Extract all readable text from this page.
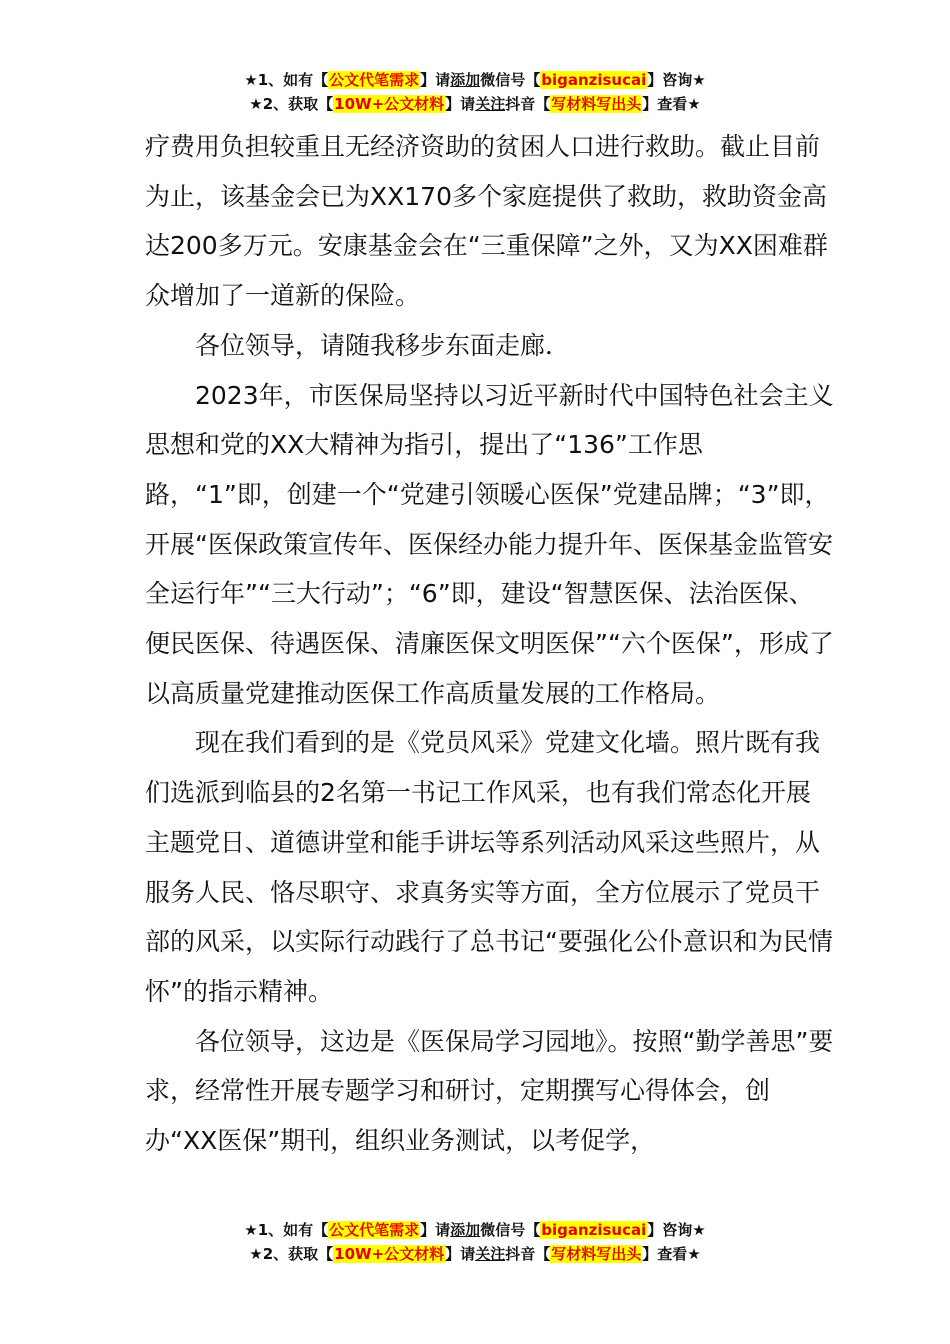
★1、如有【公文代笔需求】请添加微信号【biganzisucai】咨询★
★2、获取【10W+公文材料】请关注抖音【写材料写出头】查看★

疗费用负担较重且无经济资助的贫困人口进行救助。截止目前为止，该基金会已为XX170多个家庭提供了救助，救助资金高达200多万元。安康基金会在“三重保障”之外，又为XX困难群众增加了一道新的保险。

各位领导，请随我移步东面走廊．

2023年，市医保局坚持以习近平新时代中国特色社会主义思想和党的XX大精神为指引，提出了“136”工作思路，“1”即，创建一个“党建引领暖心医保”党建品牌；“3”即，开展“医保政策宣传年、医保经办能力提升年、医保基金监管安全运行年”“三大行动”；“6”即，建设“智慧医保、法治医保、便民医保、待遇医保、清廉医保文明医保”“六个医保”，形成了以高质量党建推动医保工作高质量发展的工作格局。

现在我们看到的是《党员风采》党建文化墙。照片既有我们选派到临县的2名第一书记工作风采，也有我们常态化开展主题党日、道德讲堂和能手讲坛等系列活动风采这些照片，从服务人民、恪尽职守、求真务实等方面，全方位展示了党员干部的风采，以实际行动践行了总书记“要强化公仆意识和为民情怀”的指示精神。

各位领导，这边是《医保局学习园地》。按照“勤学善思”要求，经常性开展专题学习和研讨，定期撰写心得体会，创办“XX医保”期刊，组织业务测试，以考促学，

★1、如有【公文代笔需求】请添加微信号【biganzisucai】咨询★
★2、获取【10W+公文材料】请关注抖音【写材料写出头】查看★
